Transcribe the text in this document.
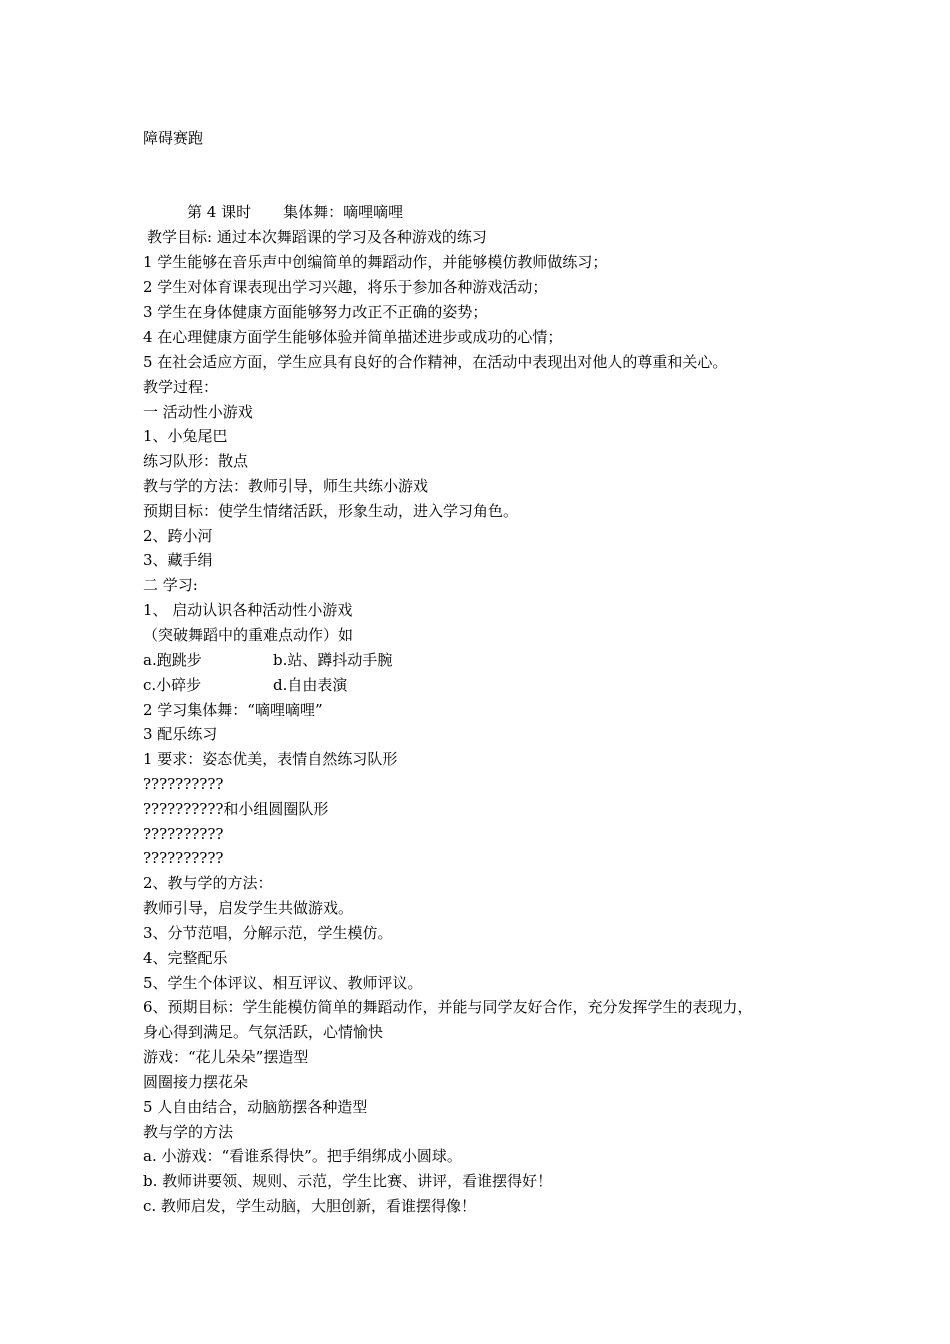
障碍赛跑
第 4 课时 集体舞：嘀哩嘀哩
教学目标: 通过本次舞蹈课的学习及各种游戏的练习
1 学生能够在音乐声中创编简单的舞蹈动作，并能够模仿教师做练习；
2 学生对体育课表现出学习兴趣，将乐于参加各种游戏活动；
3 学生在身体健康方面能够努力改正不正确的姿势；
4 在心理健康方面学生能够体验并简单描述进步或成功的心情；
5 在社会适应方面，学生应具有良好的合作精神，在活动中表现出对他人的尊重和关心。
教学过程：
一 活动性小游戏
1、小兔尾巴
练习队形：散点
教与学的方法：教师引导，师生共练小游戏
预期目标：使学生情绪活跃，形象生动，进入学习角色。
2、跨小河
3、藏手绢
二 学习:
1、 启动认识各种活动性小游戏
（突破舞蹈中的重难点动作）如
a.跑跳步	b.站、蹲抖动手腕
c.小碎步	d.自由表演
2 学习集体舞：“嘀哩嘀哩”
3 配乐练习
1 要求：姿态优美，表情自然练习队形
??????????
??????????和小组圆圈队形
??????????
??????????
2、教与学的方法：
教师引导，启发学生共做游戏。
3、分节范唱，分解示范，学生模仿。
4、完整配乐
5、学生个体评议、相互评议、教师评议。
6、预期目标：学生能模仿简单的舞蹈动作，并能与同学友好合作，充分发挥学生的表现力，
身心得到满足。气氛活跃，心情愉快
游戏：“花儿朵朵”摆造型
圆圈接力摆花朵
5 人自由结合，动脑筋摆各种造型
教与学的方法
a. 小游戏：“看谁系得快”。把手绢绑成小圆球。
b. 教师讲要领、规则、示范，学生比赛、讲评，看谁摆得好！
c. 教师启发，学生动脑，大胆创新，看谁摆得像！
